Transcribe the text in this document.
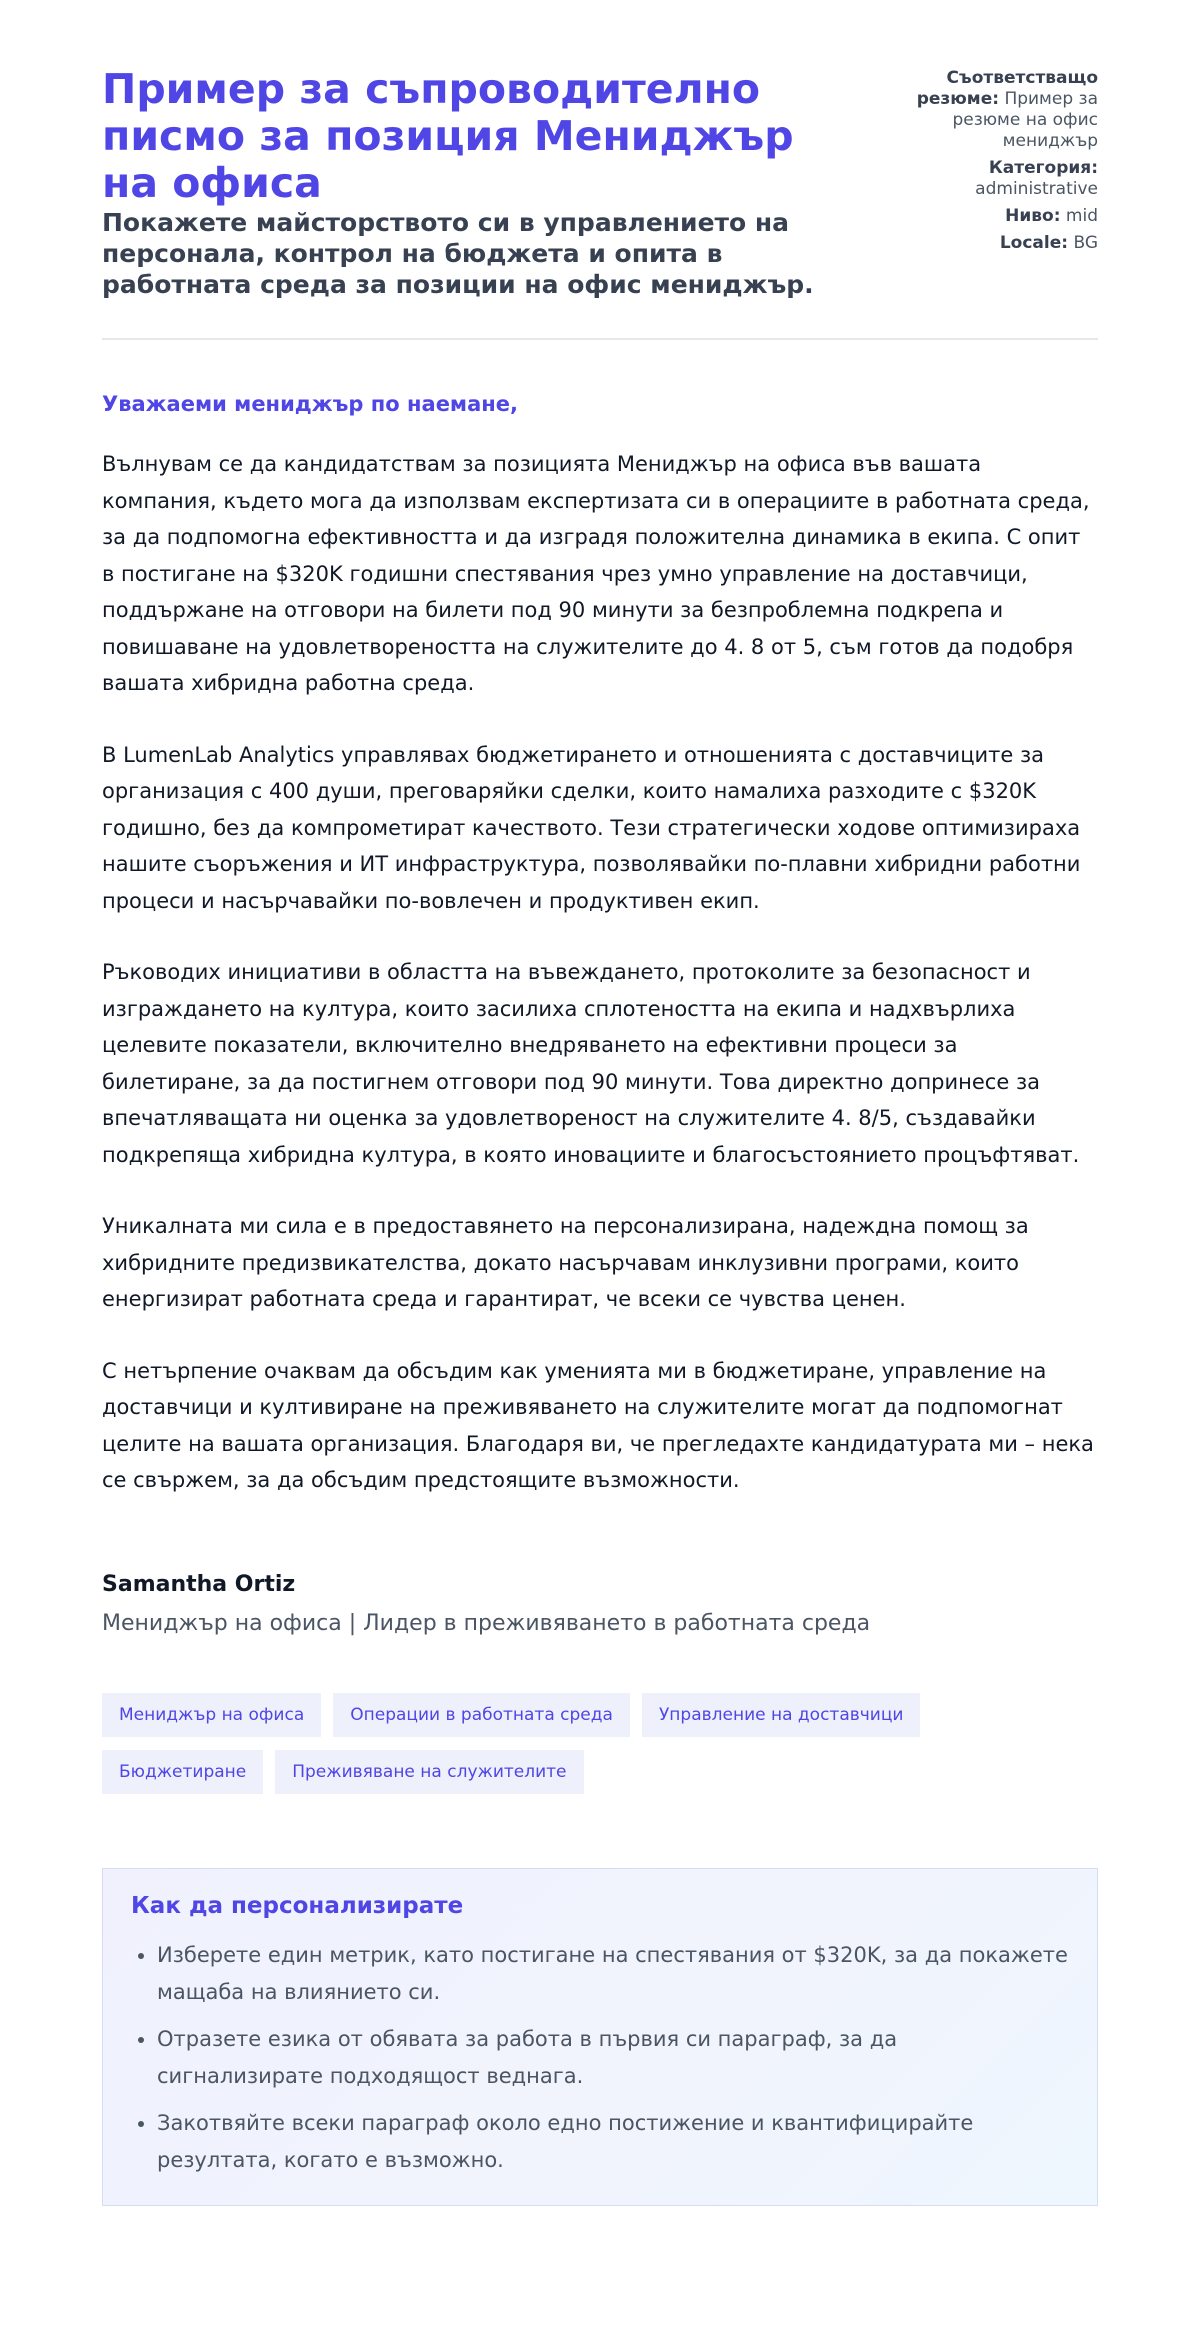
Пример за съпроводително писмо за позиция Мениджър на офиса
Покажете майсторството си в управлението на персонала, контрол на бюджета и опита в работната среда за позиции на офис мениджър.
Съответстващо резюме: Пример за резюме на офис мениджър
Категория:
administrative
Ниво: mid
Locale: BG
Уважаеми мениджър по наемане,

Вълнувам се да кандидатствам за позицията Мениджър на офиса във вашата компания, където мога да използвам експертизата си в операциите в работната среда, за да подпомогна ефективността и да изградя положителна динамика в екипа. С опит в постигане на $320K годишни спестявания чрез умно управление на доставчици, поддържане на отговори на билети под 90 минути за безпроблемна подкрепа и повишаване на удовлетвореността на служителите до 4. 8 от 5, съм готов да подобря вашата хибридна работна среда.

В LumenLab Analytics управлявах бюджетирането и отношенията с доставчиците за организация с 400 души, преговаряйки сделки, които намалиха разходите с $320K годишно, без да компрометират качеството. Тези стратегически ходове оптимизираха нашите съоръжения и ИТ инфраструктура, позволявайки по-плавни хибридни работни процеси и насърчавайки по-вовлечен и продуктивен екип.

Ръководих инициативи в областта на въвеждането, протоколите за безопасност и изграждането на култура, които засилиха сплотеността на екипа и надхвърлиха целевите показатели, включително внедряването на ефективни процеси за билетиране, за да постигнем отговори под 90 минути. Това директно допринесе за впечатляващата ни оценка за удовлетвореност на служителите 4. 8/5, създавайки подкрепяща хибридна култура, в която иновациите и благосъстоянието процъфтяват.

Уникалната ми сила е в предоставянето на персонализирана, надеждна помощ за хибридните предизвикателства, докато насърчавам инклузивни програми, които енергизират работната среда и гарантират, че всеки се чувства ценен.

С нетърпение очаквам да обсъдим как уменията ми в бюджетиране, управление на доставчици и култивиране на преживяването на служителите могат да подпомогнат целите на вашата организация. Благодаря ви, че прегледахте кандидатурата ми – нека се свържем, за да обсъдим предстоящите възможности.

Samantha Ortiz
Мениджър на офиса | Лидер в преживяването в работната среда
Мениджър на офиса	Операции в работната среда	Управление на доставчици
Бюджетиране	Преживяване на служителите
Как да персонализирате
• Изберете един метрик, като постигане на спестявания от $320K, за да покажете мащаба на влиянието си.
• Отразете езика от обявата за работа в първия си параграф, за да сигнализирате подходящост веднага.
• Закотвяйте всеки параграф около едно постижение и квантифицирайте резултата, когато е възможно.
